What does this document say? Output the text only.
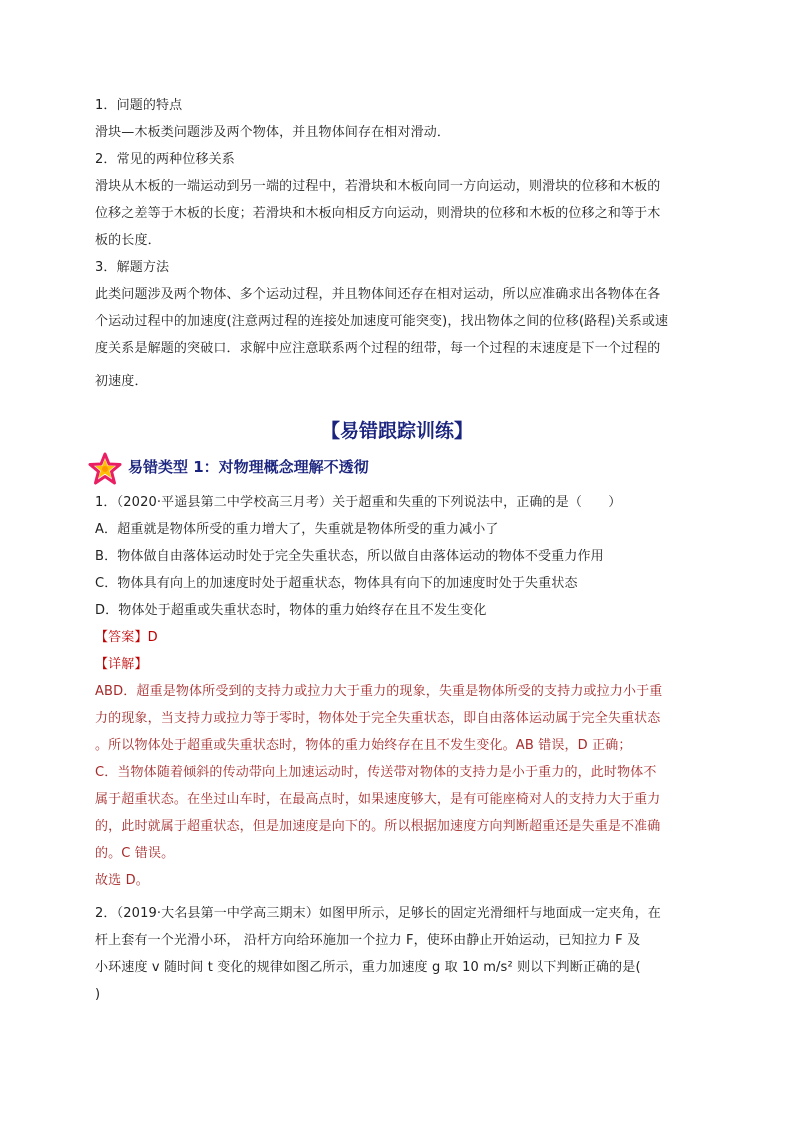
1．问题的特点
滑块—木板类问题涉及两个物体，并且物体间存在相对滑动．
2．常见的两种位移关系
滑块从木板的一端运动到另一端的过程中，若滑块和木板向同一方向运动，则滑块的位移和木板的
位移之差等于木板的长度；若滑块和木板向相反方向运动，则滑块的位移和木板的位移之和等于木
板的长度．
3．解题方法
此类问题涉及两个物体、多个运动过程，并且物体间还存在相对运动，所以应准确求出各物体在各
个运动过程中的加速度(注意两过程的连接处加速度可能突变)，找出物体之间的位移(路程)关系或速
度关系是解题的突破口．求解中应注意联系两个过程的纽带，每一个过程的末速度是下一个过程的
初速度．
【易错跟踪训练】
易错类型 1：对物理概念理解不透彻
1．（2020·平遥县第二中学校高三月考）关于超重和失重的下列说法中，正确的是（　　）
A．超重就是物体所受的重力增大了，失重就是物体所受的重力减小了
B．物体做自由落体运动时处于完全失重状态，所以做自由落体运动的物体不受重力作用
C．物体具有向上的加速度时处于超重状态，物体具有向下的加速度时处于失重状态
D．物体处于超重或失重状态时，物体的重力始终存在且不发生变化
【答案】D
【详解】
ABD．超重是物体所受到的支持力或拉力大于重力的现象，失重是物体所受的支持力或拉力小于重
力的现象，当支持力或拉力等于零时，物体处于完全失重状态，即自由落体运动属于完全失重状态
。所以物体处于超重或失重状态时，物体的重力始终存在且不发生变化。AB 错误，D 正确；
C．当物体随着倾斜的传动带向上加速运动时，传送带对物体的支持力是小于重力的，此时物体不
属于超重状态。在坐过山车时，在最高点时，如果速度够大，是有可能座椅对人的支持力大于重力
的，此时就属于超重状态，但是加速度是向下的。所以根据加速度方向判断超重还是失重是不准确
的。C 错误。
故选 D。
2．（2019·大名县第一中学高三期末）如图甲所示，足够长的固定光滑细杆与地面成一定夹角，在
杆上套有一个光滑小环， 沿杆方向给环施加一个拉力 F，使环由静止开始运动，已知拉力 F 及
小环速度 v 随时间 t 变化的规律如图乙所示，重力加速度 g 取 10 m/s² 则以下判断正确的是(
)
